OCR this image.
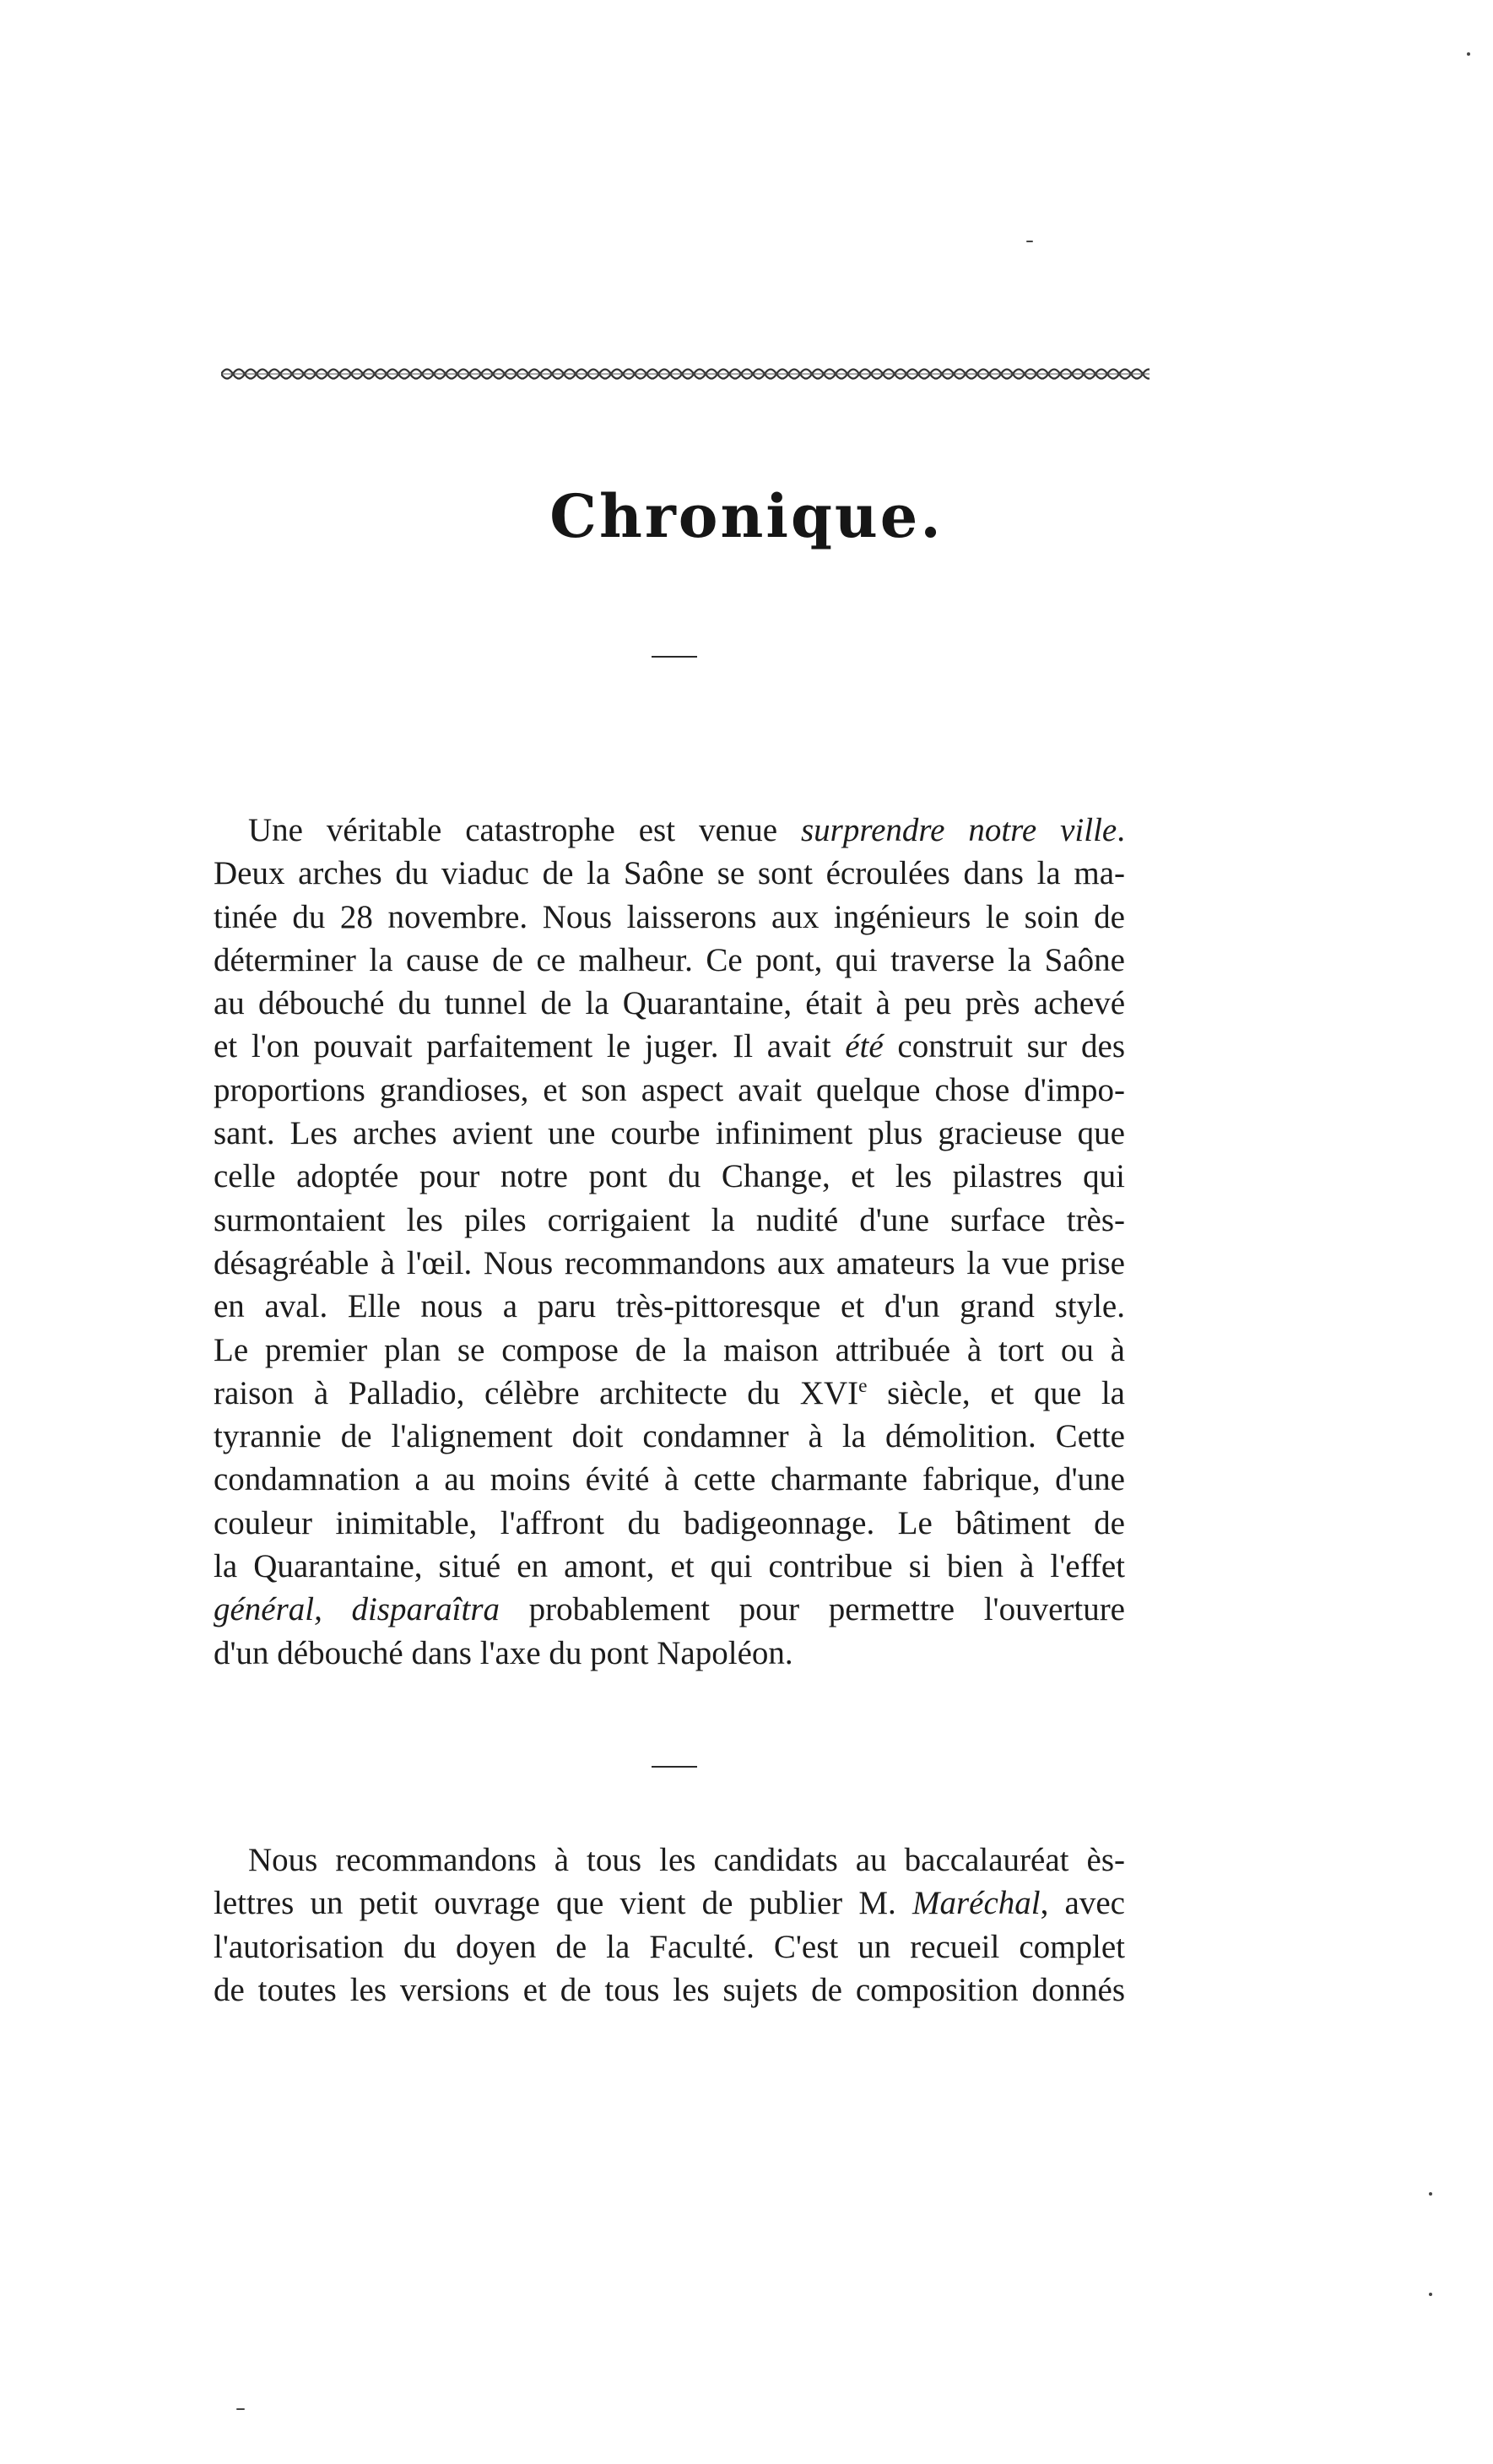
Chronique.
Une véritable catastrophe est venue surprendre notre ville.
Deux arches du viaduc de la Saône se sont écroulées dans la ma-
tinée du 28 novembre. Nous laisserons aux ingénieurs le soin de
déterminer la cause de ce malheur. Ce pont, qui traverse la Saône
au débouché du tunnel de la Quarantaine, était à peu près achevé
et l'on pouvait parfaitement le juger. Il avait été construit sur des
proportions grandioses, et son aspect avait quelque chose d'impo-
sant. Les arches avient une courbe infiniment plus gracieuse que
celle adoptée pour notre pont du Change, et les pilastres qui
surmontaient les piles corrigaient la nudité d'une surface très-
désagréable à l'œil. Nous recommandons aux amateurs la vue prise
en aval. Elle nous a paru très-pittoresque et d'un grand style.
Le premier plan se compose de la maison attribuée à tort ou à
raison à Palladio, célèbre architecte du XVIe siècle, et que la
tyrannie de l'alignement doit condamner à la démolition. Cette
condamnation a au moins évité à cette charmante fabrique, d'une
couleur inimitable, l'affront du badigeonnage. Le bâtiment de
la Quarantaine, situé en amont, et qui contribue si bien à l'effet
général, disparaîtra probablement pour permettre l'ouverture
d'un débouché dans l'axe du pont Napoléon.
Nous recommandons à tous les candidats au baccalauréat ès-
lettres un petit ouvrage que vient de publier M. Maréchal, avec
l'autorisation du doyen de la Faculté. C'est un recueil complet
de toutes les versions et de tous les sujets de composition donnés
